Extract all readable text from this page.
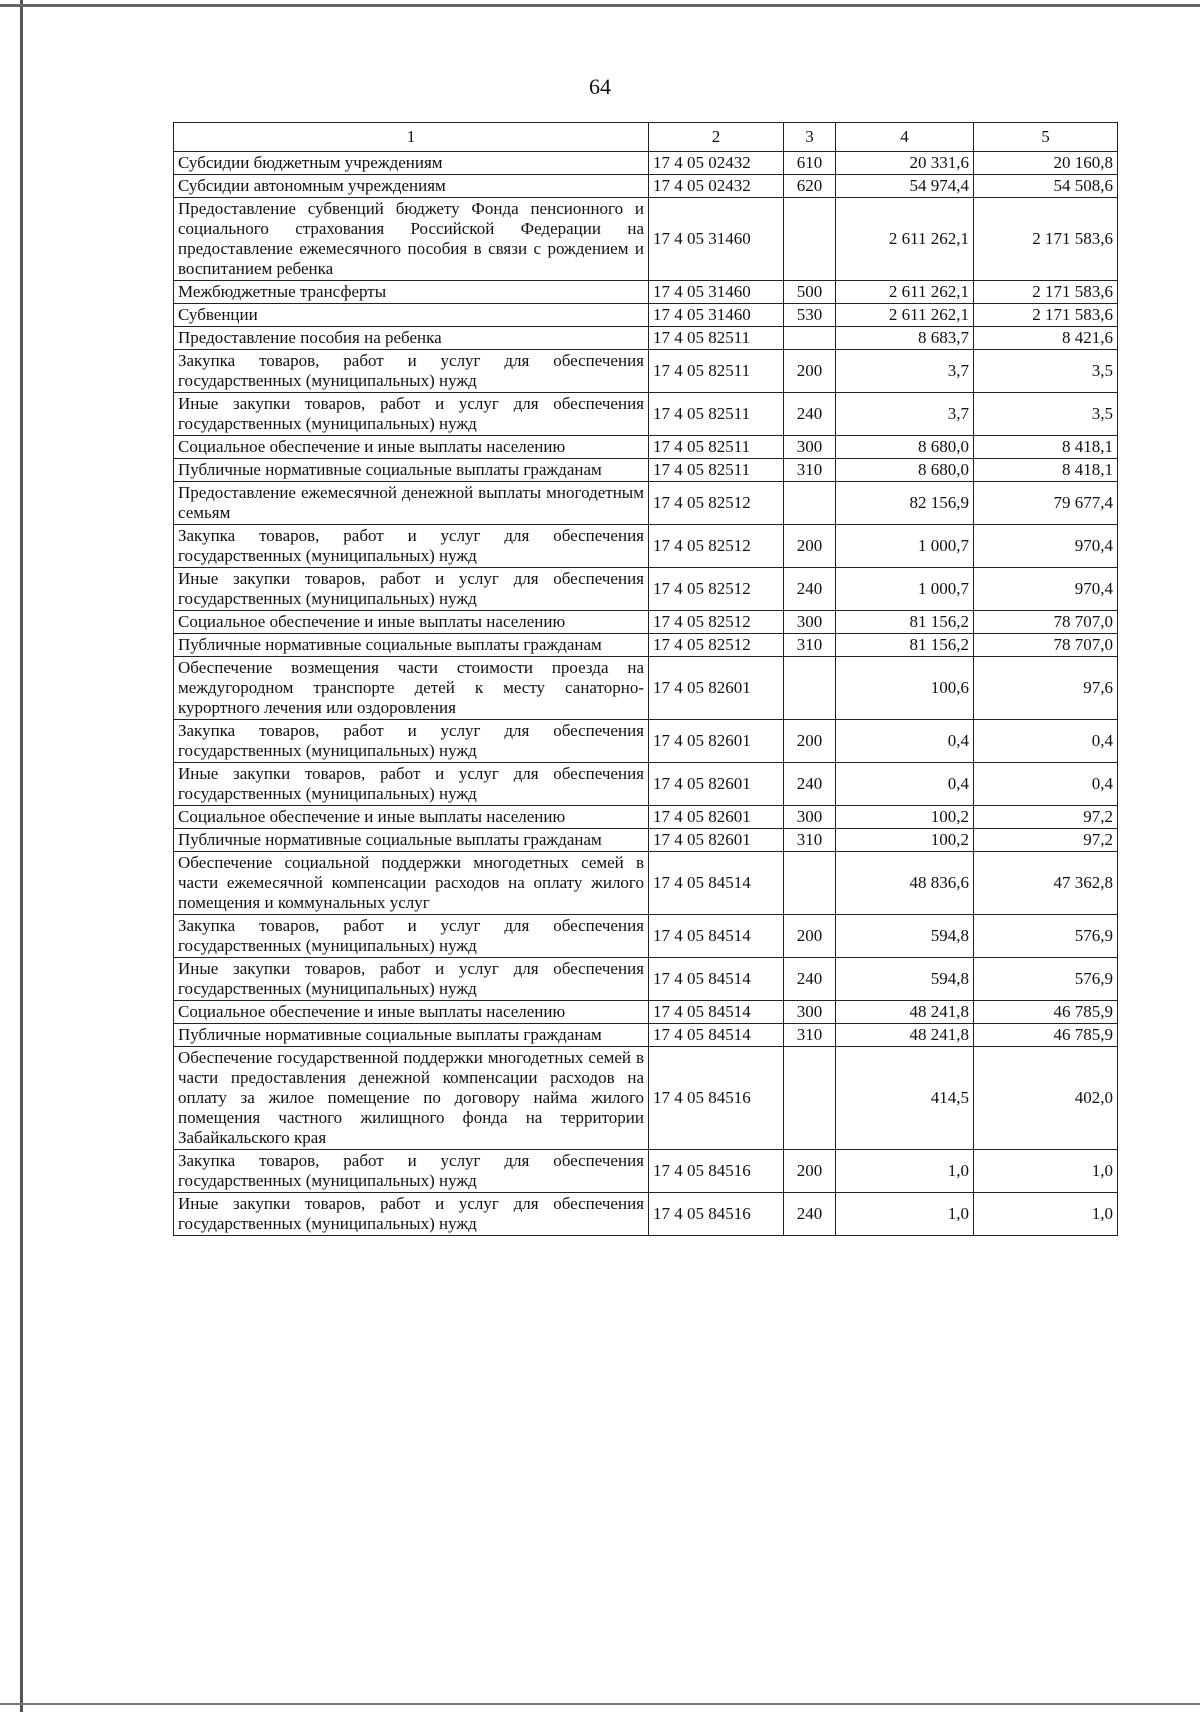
64
1	2	3	4	5
Субсидии бюджетным учреждениям	17 4 05 02432	610	20 331,6	20 160,8
Субсидии автономным учреждениям	17 4 05 02432	620	54 974,4	54 508,6
Предоставление субвенций бюджету Фонда пенсионного и социального страхования Российской Федерации на предоставление ежемесячного пособия в связи с рождением и воспитанием ребенка	17 4 05 31460		2 611 262,1	2 171 583,6
Межбюджетные трансферты	17 4 05 31460	500	2 611 262,1	2 171 583,6
Субвенции	17 4 05 31460	530	2 611 262,1	2 171 583,6
Предоставление пособия на ребенка	17 4 05 82511		8 683,7	8 421,6
Закупка товаров, работ и услуг для обеспечения государственных (муниципальных) нужд	17 4 05 82511	200	3,7	3,5
Иные закупки товаров, работ и услуг для обеспечения государственных (муниципальных) нужд	17 4 05 82511	240	3,7	3,5
Социальное обеспечение и иные выплаты населению	17 4 05 82511	300	8 680,0	8 418,1
Публичные нормативные социальные выплаты гражданам	17 4 05 82511	310	8 680,0	8 418,1
Предоставление ежемесячной денежной выплаты многодетным семьям	17 4 05 82512		82 156,9	79 677,4
Закупка товаров, работ и услуг для обеспечения государственных (муниципальных) нужд	17 4 05 82512	200	1 000,7	970,4
Иные закупки товаров, работ и услуг для обеспечения государственных (муниципальных) нужд	17 4 05 82512	240	1 000,7	970,4
Социальное обеспечение и иные выплаты населению	17 4 05 82512	300	81 156,2	78 707,0
Публичные нормативные социальные выплаты гражданам	17 4 05 82512	310	81 156,2	78 707,0
Обеспечение возмещения части стоимости проезда на междугородном транспорте детей к месту санаторно-курортного лечения или оздоровления	17 4 05 82601		100,6	97,6
Закупка товаров, работ и услуг для обеспечения государственных (муниципальных) нужд	17 4 05 82601	200	0,4	0,4
Иные закупки товаров, работ и услуг для обеспечения государственных (муниципальных) нужд	17 4 05 82601	240	0,4	0,4
Социальное обеспечение и иные выплаты населению	17 4 05 82601	300	100,2	97,2
Публичные нормативные социальные выплаты гражданам	17 4 05 82601	310	100,2	97,2
Обеспечение социальной поддержки многодетных семей в части ежемесячной компенсации расходов на оплату жилого помещения и коммунальных услуг	17 4 05 84514		48 836,6	47 362,8
Закупка товаров, работ и услуг для обеспечения государственных (муниципальных) нужд	17 4 05 84514	200	594,8	576,9
Иные закупки товаров, работ и услуг для обеспечения государственных (муниципальных) нужд	17 4 05 84514	240	594,8	576,9
Социальное обеспечение и иные выплаты населению	17 4 05 84514	300	48 241,8	46 785,9
Публичные нормативные социальные выплаты гражданам	17 4 05 84514	310	48 241,8	46 785,9
Обеспечение государственной поддержки многодетных семей в части предоставления денежной компенсации расходов на оплату за жилое помещение по договору найма жилого помещения частного жилищного фонда на территории Забайкальского края	17 4 05 84516		414,5	402,0
Закупка товаров, работ и услуг для обеспечения государственных (муниципальных) нужд	17 4 05 84516	200	1,0	1,0
Иные закупки товаров, работ и услуг для обеспечения государственных (муниципальных) нужд	17 4 05 84516	240	1,0	1,0
